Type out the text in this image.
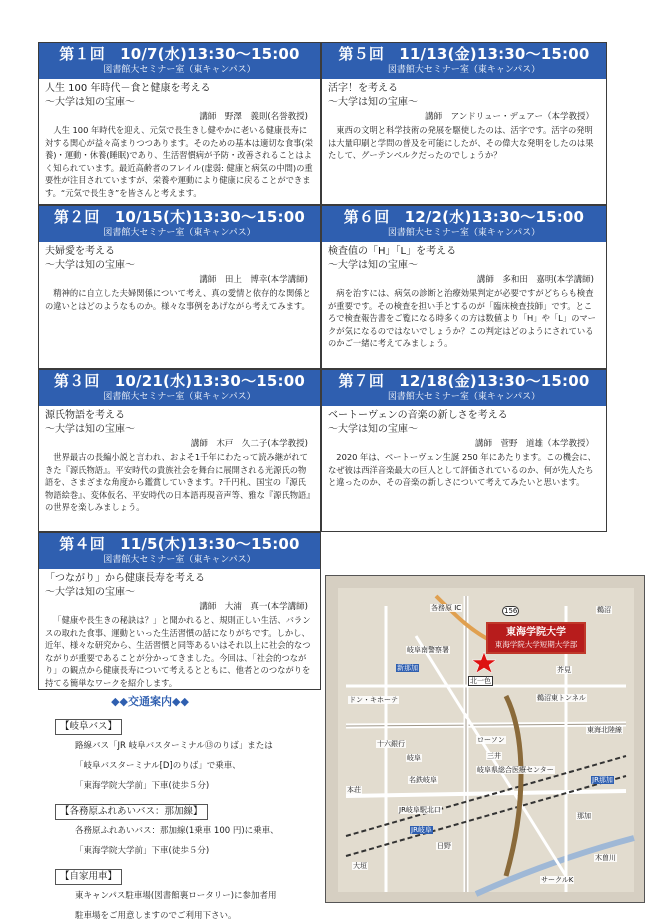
第１回　10/7(水)13:30～15:00
図書館大セミナー室（東キャンパス）
人生 100 年時代－食と健康を考える
～大学は知の宝庫～
講師　野澤　義則(名誉教授)
人生 100 年時代を迎え、元気で長生きし健やかに老いる健康長寿に対する関心が益々高まりつつあります。そのための基本は適切な食事(栄養)・運動・休養(睡眠)であり、生活習慣病が予防・改善されることはよく知られています。最近高齢者のフレイル(虚弱: 健康と病気の中間)の重要性が注目されていますが、栄養や運動により健康に戻ることができます。“元気で長生き”を皆さんと考えます。
第５回　11/13(金)13:30～15:00
図書館大セミナー室（東キャンパス）
活字！を考える
～大学は知の宝庫～
講師　アンドリュー・デュアー（本学教授）
東西の文明と科学技術の発展を駆使したのは、活字です。活字の発明は大量印刷と学問の普及を可能にしたが、その偉大な発明をしたのは果たして、グーテンベルクだったのでしょうか？
第２回　10/15(木)13:30～15:00
図書館大セミナー室（東キャンパス）
夫婦愛を考える
～大学は知の宝庫～
講師　田上　博幸(本学講師)
精神的に自立した夫婦関係について考え、真の愛情と依存的な関係との違いとはどのようなものか。様々な事例をあげながら考えてみます。
第６回　12/2(水)13:30～15:00
図書館大セミナー室（東キャンパス）
検査值の「H」「L」を考える
～大学は知の宝庫～
講師　多和田　嘉明(本学講師)
病を治すには、病気の診断と治療効果判定が必要ですがどちらも検査が重要です。その検査を担い手とするのが「臨床検査技師」です。ところで検査報告書をご覧になる時多くの方は数値より「H」や「L」のマークが気になるのではないでしょうか？この判定はどのようにされているのかご一緒に考えてみましょう。
第３回　10/21(水)13:30～15:00
図書館大セミナー室（東キャンパス）
源氏物語を考える
～大学は知の宝庫～
講師　木戸　久二子(本学教授)
世界最古の長編小説と言われ、およそ1千年にわたって読み継がれてきた『源氏物語』。平安時代の貴族社会を舞台に展開される光源氏の物語を、さまざまな角度から鑑賞していきます。?千円札、国宝の『源氏物語絵巻』、変体仮名、平安時代の日本語再現音声等、雅な『源氏物語』の世界を楽しみましょう。
第７回　12/18(金)13:30～15:00
図書館大セミナー室（東キャンパス）
ベートーヴェンの音楽の新しさを考える
～大学は知の宝庫～
講師　菅野　道雄（本学教授）
2020 年は、ベートーヴェン生誕 250 年にあたります。この機会に、なぜ彼は西洋音楽最大の巨人として評価されているのか、何が先人たちと違ったのか、その音楽の新しさについて考えてみたいと思います。
第４回　11/5(木)13:30～15:00
図書館大セミナー室（東キャンパス）
「つながり」から健康長寿を考える
～大学は知の宝庫～
講師　大浦　真一(本学講師)
「健康や長生きの秘訣は？」と聞かれると、規則正しい生活、バランスの取れた食事、運動といった生活習慣の話になりがちです。しかし、近年、様々な研究から、生活習慣と同等あるいはそれ以上に社会的なつながりが重要であることが分かってきました。今回は、「社会的つながり」の観点から健康長寿について考えるとともに、他者とのつながりを持てる簡単なワークを紹介します。
◆◆交通案内◆◆
【岐阜バス】
路線バス「JR 岐阜バスターミナル⑬のりば」または
「岐阜バスターミナル[D]のりば」で乗車、
「東海学院大学前」下車(徒歩５分)
【各務原ふれあいバス：那加線】
各務原ふれあいバス：那加線(1乗車 100 円)に乗車、
「東海学院大学前」下車(徒歩５分)
【自家用車】
東キャンパス駐車場(図書館裏ロータリー)に参加者用
駐車場をご用意しますのでご利用下さい。
東海学院大学
東海学院大学短期大学部
156
各務原 IC	鵜沼
新那加
北一色
岐阜南警察署
ドン・キホーテ
十六銀行
岐阜
名鉄岐阜
JR岐阜駅北口
JR岐阜
岐阜県総合医療センター
ローソン
鵜沼東トンネル
東海北陸線
JR那加
那加
三井
日野
本荘
大垣
木曽川
サークルK
芥見
